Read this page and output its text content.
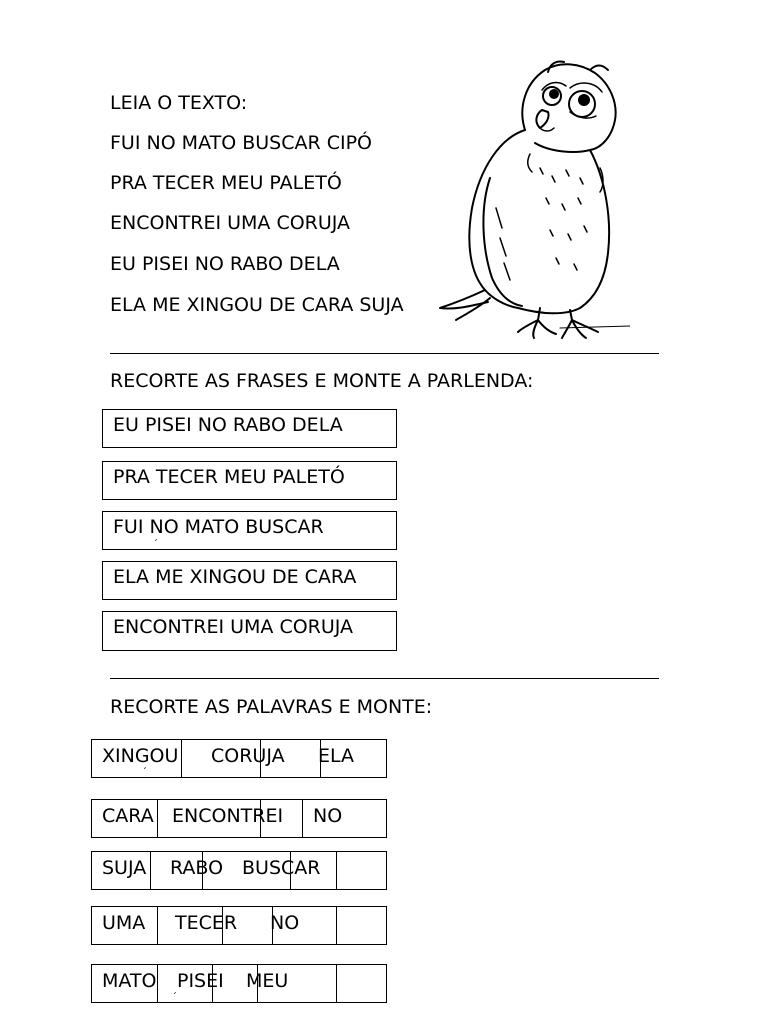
LEIA O TEXTO:

FUI NO MATO BUSCAR CIPÓ

PRA TECER MEU PALETÓ

ENCONTREI UMA CORUJA

EU PISEI NO RABO DELA

ELA ME XINGOU DE CARA SUJA

RECORTE AS FRASES E MONTE A PARLENDA:
EU PISEI NO RABO DELA
PRA TECER MEU PALETÓ
FUI NO MATO BUSCAR
´
ELA ME XINGOU DE CARA
ENCONTREI UMA CORUJA
RECORTE AS PALAVRAS E MONTE:
XINGOU CORUJA ELA
´
CARA ENCONTREI NO
SUJA RABO BUSCAR
UMA TECER NO
MATO PISEI MEU
´
